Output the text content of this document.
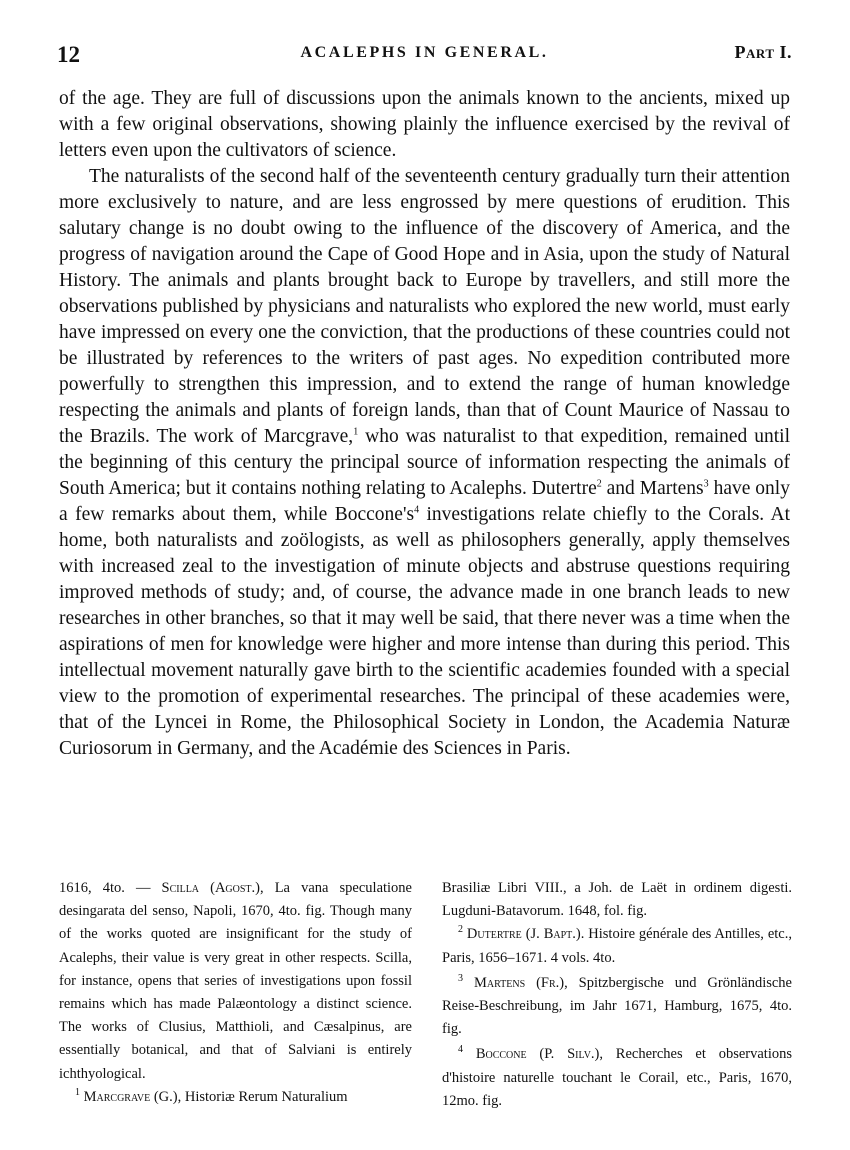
12	ACALEPHS IN GENERAL.	Part I.

of the age. They are full of discussions upon the animals known to the ancients, mixed up with a few original observations, showing plainly the influence exercised by the revival of letters even upon the cultivators of science.

The naturalists of the second half of the seventeenth century gradually turn their attention more exclusively to nature, and are less engrossed by mere questions of erudition. This salutary change is no doubt owing to the influence of the discovery of America, and the progress of navigation around the Cape of Good Hope and in Asia, upon the study of Natural History. The animals and plants brought back to Europe by travellers, and still more the observations published by physicians and naturalists who explored the new world, must early have impressed on every one the conviction, that the productions of these countries could not be illustrated by references to the writers of past ages. No expedition contributed more powerfully to strengthen this impression, and to extend the range of human knowledge respecting the animals and plants of foreign lands, than that of Count Maurice of Nassau to the Brazils. The work of Marcgrave,$^1$ who was naturalist to that expedition, remained until the beginning of this century the principal source of information respecting the animals of South America; but it contains nothing relating to Acalephs. Dutertre$^2$ and Martens$^3$ have only a few remarks about them, while $Boccone's^4$ investigations relate chiefly to the Corals. At home, both naturalists and zoölogists, as well as philosophers generally, apply themselves with increased zeal to the investigation of minute objects and abstruse questions requiring improved methods of study; and, of course, the advance made in one branch leads to new researches in other branches, so that it may well be said, that there never was a time when the aspirations of men for knowledge were higher and more intense than during this period. This intellectual movement naturally gave birth to the scientific academies founded with a special view to the promotion of experimental researches. The principal of these academies were, that of the Lyncei in Rome, the Philosophical Society in London, the Academia Naturæ Curiosorum in Germany, and the Académie des Sciences in Paris.

1616, 4to. — Scilla (Agost.), La vana speculatione desingarata del senso, Napoli, 1670, 4to. fig. Though many of the works quoted are insignificant for the study of Acalephs, their value is very great in other respects. Scilla, for instance, opens that series of investigations upon fossil remains which has made Palæontology a distinct science. The works of Clusius, Matthioli, and Cæsalpinus, are essentially botanical, and that of Salviani is entirely ichthyological.

$^1$ Marcgrave (G.), Historiæ Rerum Naturalium

Brasiliæ Libri VIII., a Joh. de Laët in ordinem digesti. Lugduni-Batavorum. 1648, fol. fig.

$^2$ Dutertre (J. Bapt.). Histoire générale des Antilles, etc., Paris, 1656–1671. 4 vols. 4to.

$^3$ Martens (Fr.), Spitzbergische und Grönländische Reise-Beschreibung, im Jahr 1671, Hamburg, 1675, 4to. fig.

$^4$ Boccone (P. Silv.), Recherches et observations d'histoire naturelle touchant le Corail, etc., Paris, 1670, 12mo. fig.
